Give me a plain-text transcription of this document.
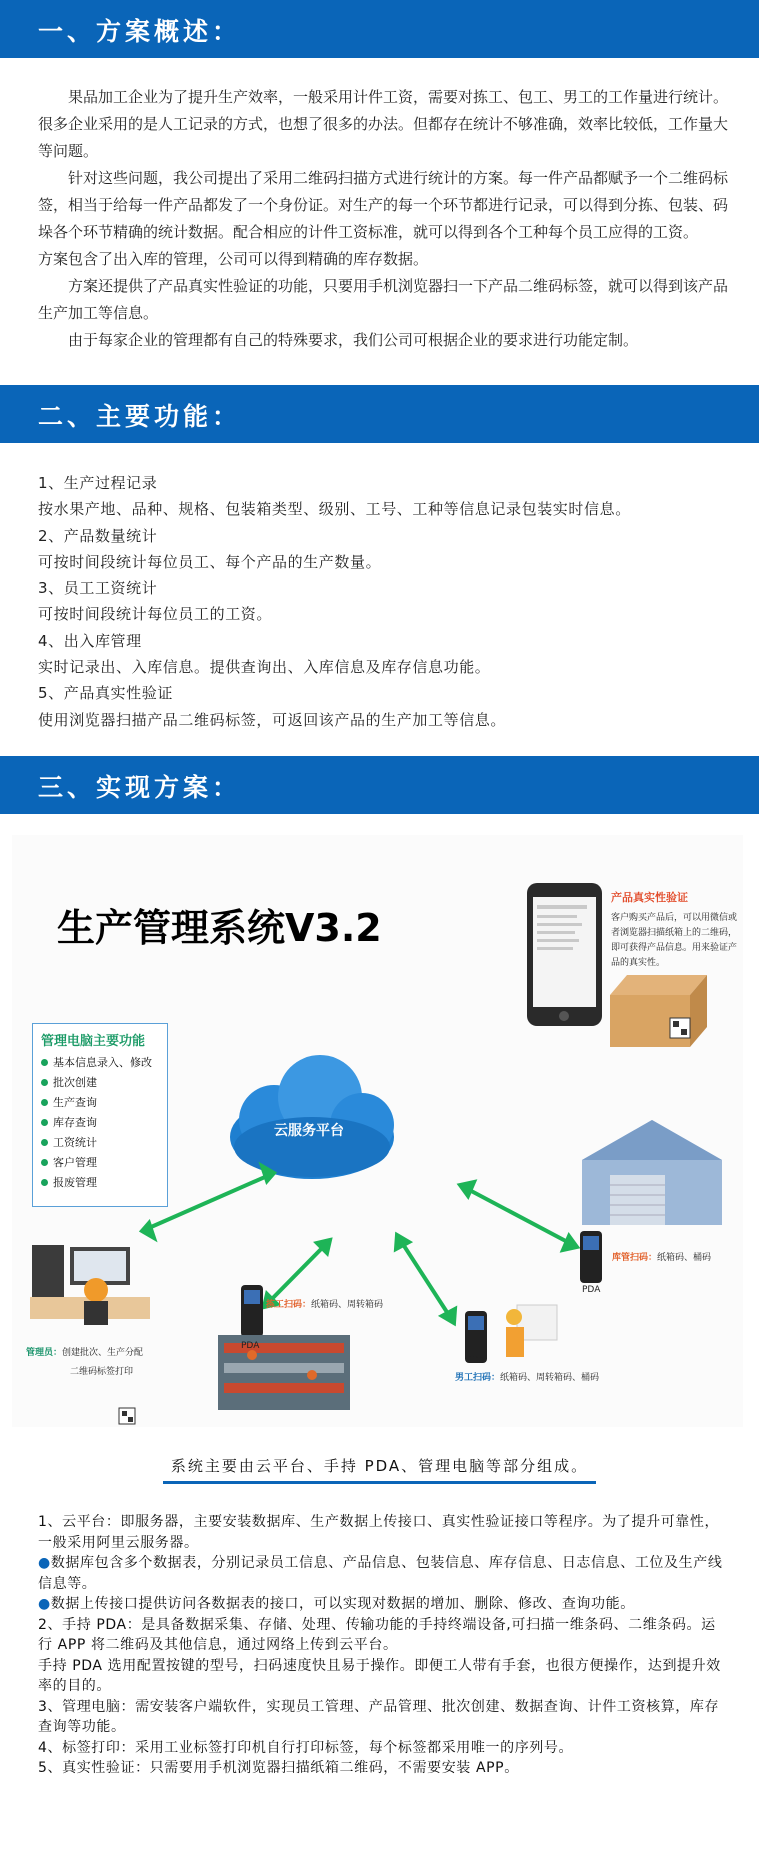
一、方案概述：

果品加工企业为了提升生产效率，一般采用计件工资，需要对拣工、包工、男工的工作量进行统计。很多企业采用的是人工记录的方式，也想了很多的办法。但都存在统计不够准确，效率比较低，工作量大等问题。

针对这些问题，我公司提出了采用二维码扫描方式进行统计的方案。每一件产品都赋予一个二维码标签，相当于给每一件产品都发了一个身份证。对生产的每一个环节都进行记录，可以得到分拣、包装、码垛各个环节精确的统计数据。配合相应的计件工资标准，就可以得到各个工种每个员工应得的工资。

方案包含了出入库的管理，公司可以得到精确的库存数据。

方案还提供了产品真实性验证的功能，只要用手机浏览器扫一下产品二维码标签，就可以得到该产品生产加工等信息。

由于每家企业的管理都有自己的特殊要求，我们公司可根据企业的要求进行功能定制。

二、主要功能：
1、生产过程记录
按水果产地、品种、规格、包装箱类型、级别、工号、工种等信息记录包装实时信息。
2、产品数量统计
可按时间段统计每位员工、每个产品的生产数量。
3、员工工资统计
可按时间段统计每位员工的工资。
4、出入库管理
实时记录出、入库信息。提供查询出、入库信息及库存信息功能。
5、产品真实性验证
使用浏览器扫描产品二维码标签，可返回该产品的生产加工等信息。
三、实现方案：
生产管理系统V3.2
云服务平台
管理电脑主要功能
基本信息录入、修改
批次创建
生产查询
库存查询
工资统计
客户管理
报废管理
产品真实性验证
客户购买产品后，可以用微信或者浏览器扫描纸箱上的二维码，即可获得产品信息。用来验证产品的真实性。
管理员：创建批次、生产分配
二维码标签打印
拣工扫码：纸箱码、周转箱码
PDA
男工扫码：纸箱码、周转箱码、桶码
PDA
库管扫码：纸箱码、桶码
PDA
系统主要由云平台、手持 PDA、管理电脑等部分组成。
1、云平台：即服务器，主要安装数据库、生产数据上传接口、真实性验证接口等程序。为了提升可靠性，一般采用阿里云服务器。
●数据库包含多个数据表，分别记录员工信息、产品信息、包装信息、库存信息、日志信息、工位及生产线信息等。
●数据上传接口提供访问各数据表的接口，可以实现对数据的增加、删除、修改、查询功能。
2、手持 PDA：是具备数据采集、存储、处理、传输功能的手持终端设备,可扫描一维条码、二维条码。运行 APP 将二维码及其他信息，通过网络上传到云平台。
手持 PDA 选用配置按键的型号，扫码速度快且易于操作。即便工人带有手套，也很方便操作，达到提升效率的目的。
3、管理电脑：需安装客户端软件，实现员工管理、产品管理、批次创建、数据查询、计件工资核算，库存查询等功能。
4、标签打印：采用工业标签打印机自行打印标签，每个标签都采用唯一的序列号。
5、真实性验证：只需要用手机浏览器扫描纸箱二维码，不需要安装 APP。
